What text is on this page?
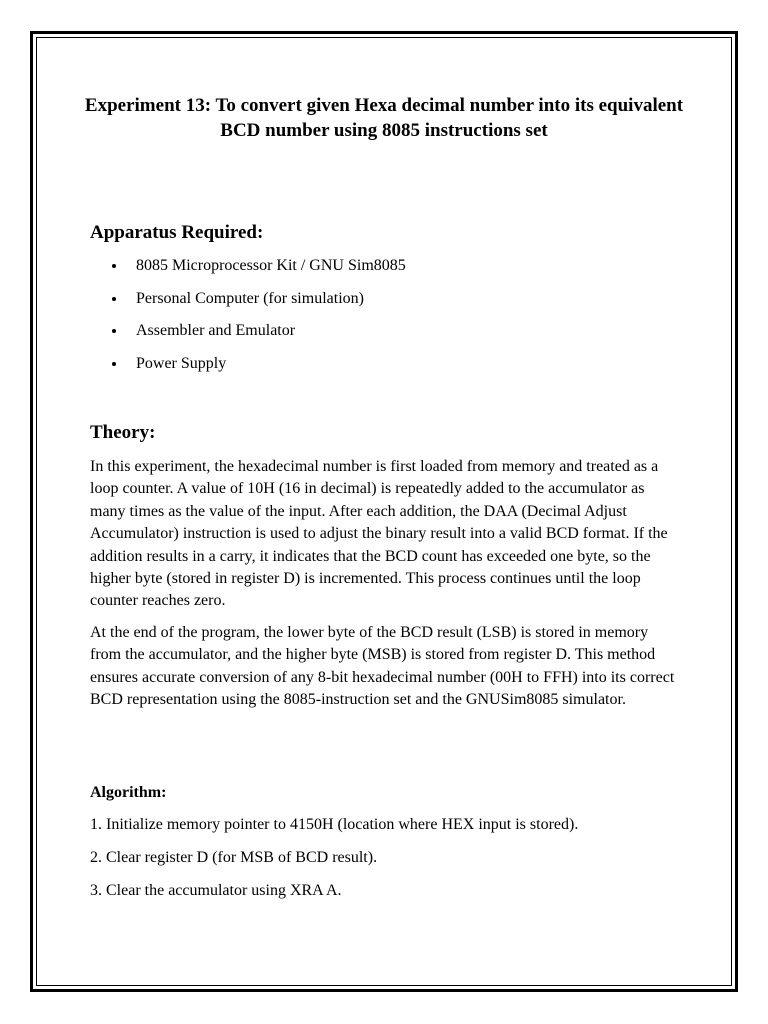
Experiment 13: To convert given Hexa decimal number into its equivalent BCD number using 8085 instructions set
Apparatus Required:
8085 Microprocessor Kit / GNU Sim8085
Personal Computer (for simulation)
Assembler and Emulator
Power Supply
Theory:

In this experiment, the hexadecimal number is first loaded from memory and treated as a loop counter. A value of 10H (16 in decimal) is repeatedly added to the accumulator as many times as the value of the input. After each addition, the DAA (Decimal Adjust Accumulator) instruction is used to adjust the binary result into a valid BCD format. If the addition results in a carry, it indicates that the BCD count has exceeded one byte, so the higher byte (stored in register D) is incremented. This process continues until the loop counter reaches zero.

At the end of the program, the lower byte of the BCD result (LSB) is stored in memory from the accumulator, and the higher byte (MSB) is stored from register D. This method ensures accurate conversion of any 8-bit hexadecimal number (00H to FFH) into its correct BCD representation using the 8085-instruction set and the GNUSim8085 simulator.

Algorithm:

1. Initialize memory pointer to 4150H (location where HEX input is stored).

2. Clear register D (for MSB of BCD result).

3. Clear the accumulator using XRA A.
